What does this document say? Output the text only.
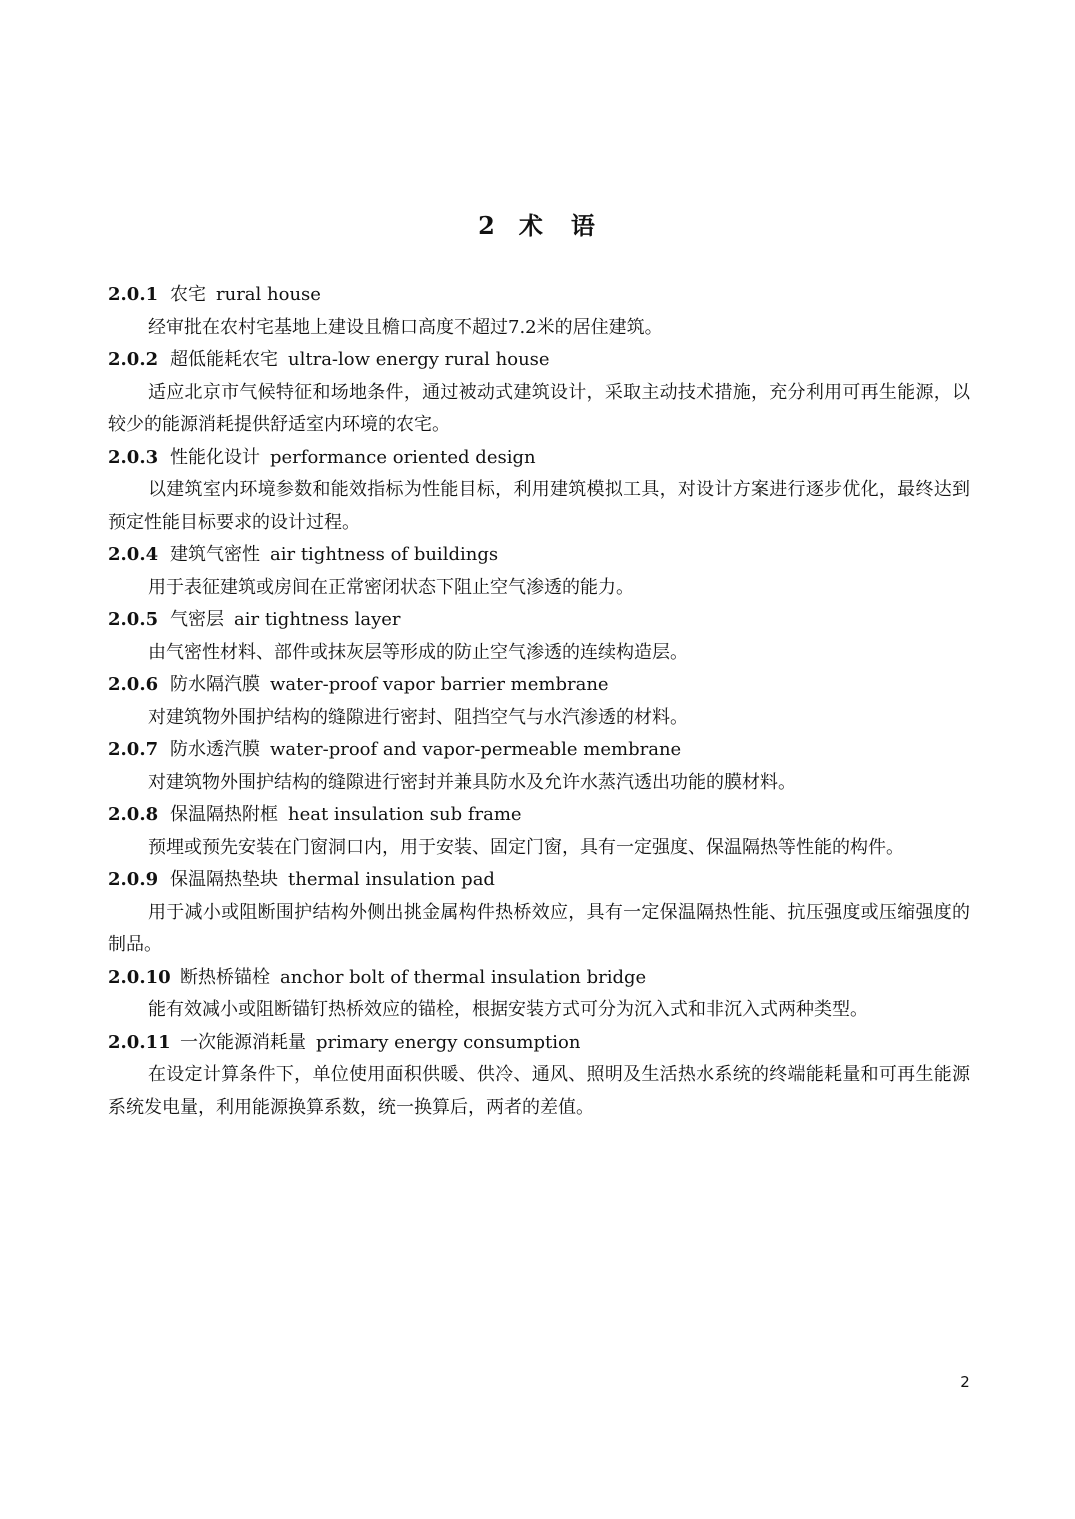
2 术 语
2.0.1 农宅 rural house

经审批在农村宅基地上建设且檐口高度不超过7.2米的居住建筑。

2.0.2 超低能耗农宅 ultra-low energy rural house

适应北京市气候特征和场地条件，通过被动式建筑设计，采取主动技术措施，充分利用可再生能源，以较少的能源消耗提供舒适室内环境的农宅。

2.0.3 性能化设计 performance oriented design

以建筑室内环境参数和能效指标为性能目标，利用建筑模拟工具，对设计方案进行逐步优化，最终达到预定性能目标要求的设计过程。

2.0.4 建筑气密性 air tightness of buildings

用于表征建筑或房间在正常密闭状态下阻止空气渗透的能力。

2.0.5 气密层 air tightness layer

由气密性材料、部件或抹灰层等形成的防止空气渗透的连续构造层。

2.0.6 防水隔汽膜 water-proof vapor barrier membrane

对建筑物外围护结构的缝隙进行密封、阻挡空气与水汽渗透的材料。

2.0.7 防水透汽膜 water-proof and vapor-permeable membrane

对建筑物外围护结构的缝隙进行密封并兼具防水及允许水蒸汽透出功能的膜材料。

2.0.8 保温隔热附框 heat insulation sub frame

预埋或预先安装在门窗洞口内，用于安装、固定门窗，具有一定强度、保温隔热等性能的构件。

2.0.9 保温隔热垫块 thermal insulation pad

用于减小或阻断围护结构外侧出挑金属构件热桥效应，具有一定保温隔热性能、抗压强度或压缩强度的制品。

2.0.10 断热桥锚栓 anchor bolt of thermal insulation bridge

能有效减小或阻断锚钉热桥效应的锚栓，根据安装方式可分为沉入式和非沉入式两种类型。

2.0.11 一次能源消耗量 primary energy consumption

在设定计算条件下，单位使用面积供暖、供冷、通风、照明及生活热水系统的终端能耗量和可再生能源系统发电量，利用能源换算系数，统一换算后，两者的差值。

2
